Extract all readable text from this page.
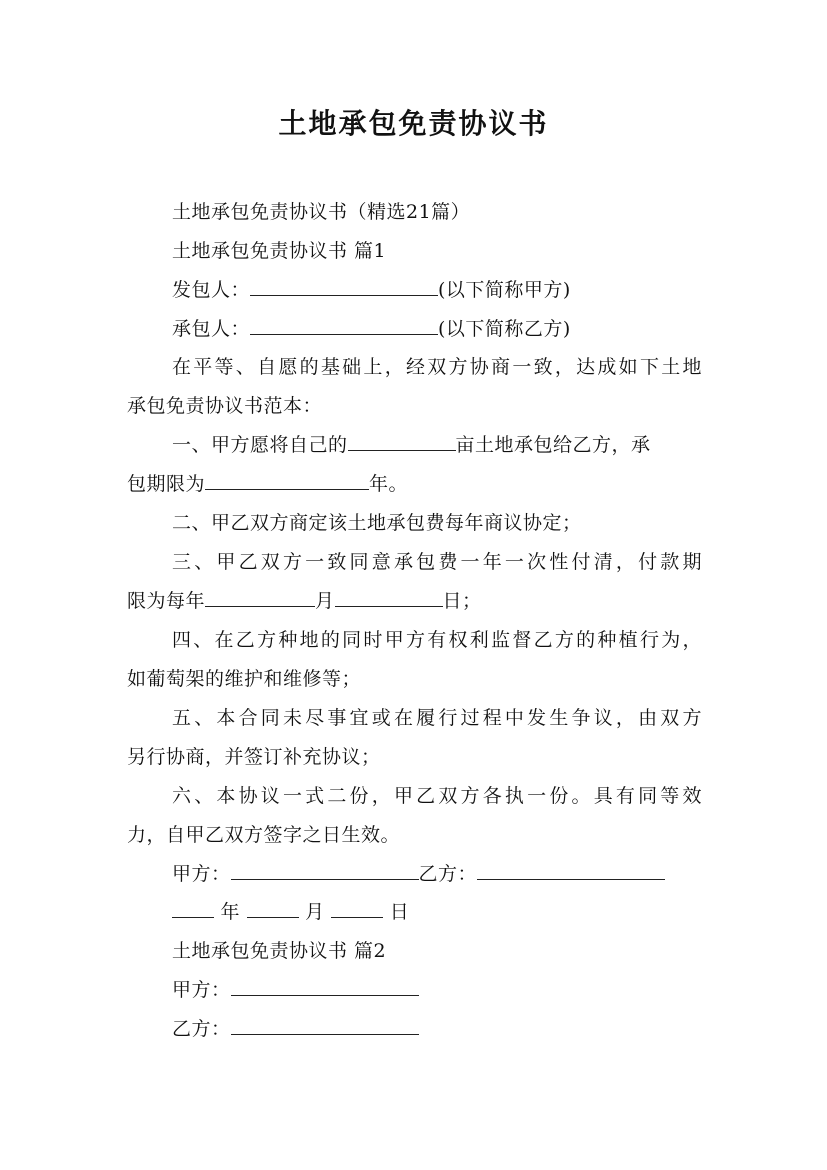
土地承包免责协议书
土地承包免责协议书（精选21篇）
土地承包免责协议书 篇1
发包人：	(以下简称甲方)
承包人：	(以下简称乙方)
在平等、自愿的基础上，经双方协商一致，达成如下土地
承包免责协议书范本：
一、甲方愿将自己的	亩土地承包给乙方，承
包期限为	年。
二、甲乙双方商定该土地承包费每年商议协定；
三、甲乙双方一致同意承包费一年一次性付清，付款期
限为每年	月	日；
四、在乙方种地的同时甲方有权利监督乙方的种植行为，
如葡萄架的维护和维修等；
五、本合同未尽事宜或在履行过程中发生争议，由双方
另行协商，并签订补充协议；
六、本协议一式二份，甲乙双方各执一份。具有同等效
力，自甲乙双方签字之日生效。
甲方：	乙方：
年	月	日
土地承包免责协议书 篇2
甲方：
乙方：
